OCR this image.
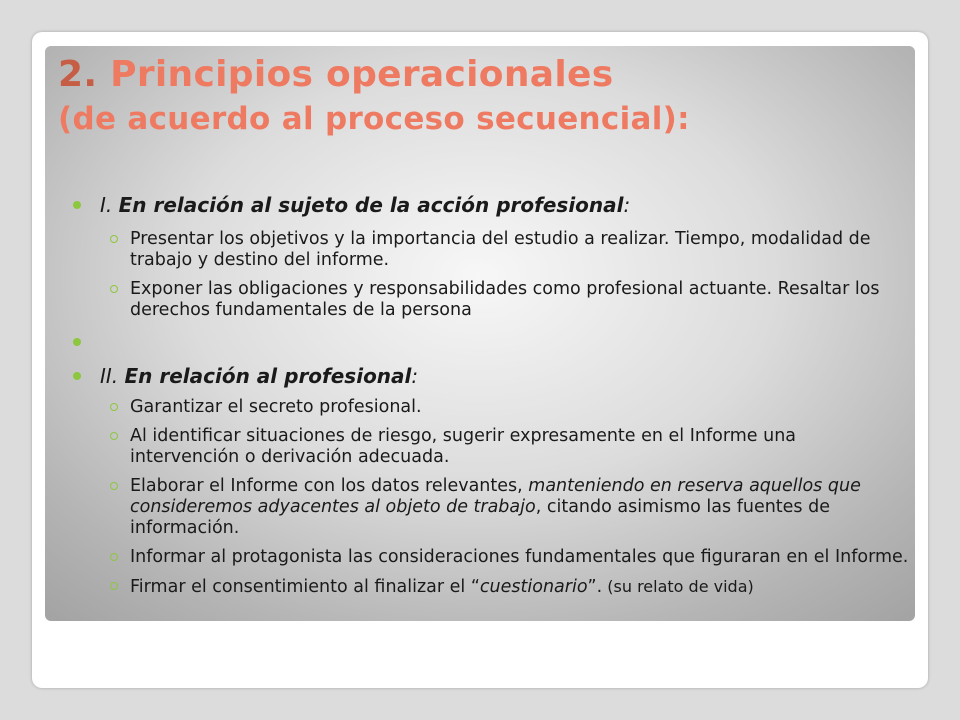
2. Principios operacionales
(de acuerdo al proceso secuencial):

I. En relación al sujeto de la acción profesional:

Presentar los objetivos y la importancia del estudio a realizar. Tiempo, modalidad de trabajo y destino del informe.

Exponer las obligaciones y responsabilidades como profesional actuante. Resaltar los derechos fundamentales de la persona

II. En relación al profesional:

Garantizar el secreto profesional.

Al identificar situaciones de riesgo, sugerir expresamente en el Informe una intervención o derivación adecuada.

Elaborar el Informe con los datos relevantes, manteniendo en reserva aquellos que consideremos adyacentes al objeto de trabajo, citando asimismo las fuentes de información.

Informar al protagonista las consideraciones fundamentales que figuraran en el Informe.

Firmar el consentimiento al finalizar el “cuestionario”. (su relato de vida)
